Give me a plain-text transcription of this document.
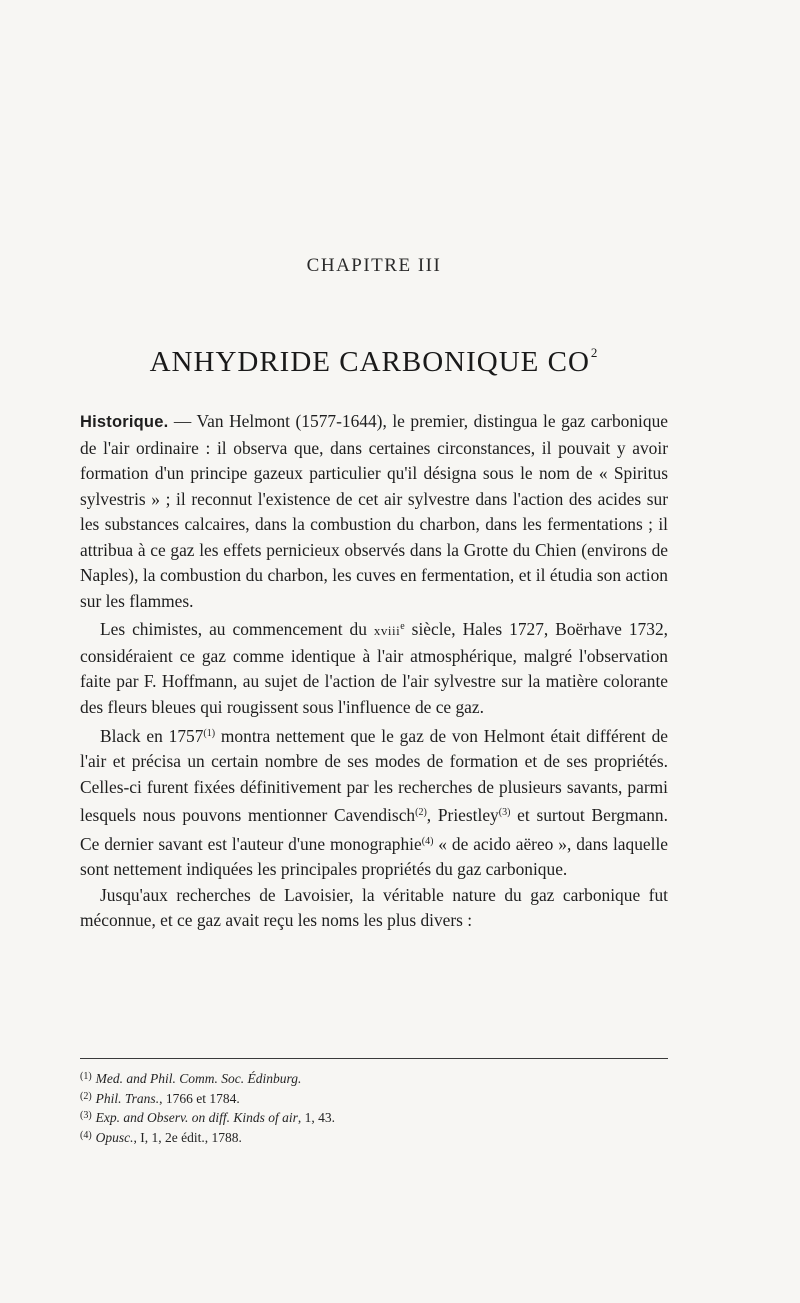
CHAPITRE III
ANHYDRIDE CARBONIQUE $CO^2$

Historique. — Van Helmont (1577-1644), le premier, distingua le gaz carbonique de l'air ordinaire : il observa que, dans certaines circonstances, il pouvait y avoir formation d'un principe gazeux particulier qu'il désigna sous le nom de « Spiritus sylvestris » ; il reconnut l'existence de cet air sylvestre dans l'action des acides sur les substances calcaires, dans la combustion du charbon, dans les fermentations ; il attribua à ce gaz les effets pernicieux observés dans la Grotte du Chien (environs de Naples), la combustion du charbon, les cuves en fermentation, et il étudia son action sur les flammes.

Les chimistes, au commencement du xviii$^e$ siècle, Hales 1727, Boërhave 1732, considéraient ce gaz comme identique à l'air atmosphérique, malgré l'observation faite par F. Hoffmann, au sujet de l'action de l'air sylvestre sur la matière colorante des fleurs bleues qui rougissent sous l'influence de ce gaz.

Black en 1757$^{(1)}$ montra nettement que le gaz de von Helmont était différent de l'air et précisa un certain nombre de ses modes de formation et de ses propriétés. Celles-ci furent fixées définitivement par les recherches de plusieurs savants, parmi lesquels nous pouvons mentionner Cavendisch$^{(2)}$, Priestley$^{(3)}$ et surtout Bergmann. Ce dernier savant est l'auteur d'une monographie$^{(4)}$ « de acido aëreo », dans laquelle sont nettement indiquées les principales propriétés du gaz carbonique.

Jusqu'aux recherches de Lavoisier, la véritable nature du gaz carbonique fut méconnue, et ce gaz avait reçu les noms les plus divers :

$^{(1)}$ Med. and Phil. Comm. Soc. Édinburg.
$^{(2)}$ Phil. Trans., 1766 et 1784.
$^{(3)}$ Exp. and Observ. on diff. Kinds of air, 1, 43.
$^{(4)}$ Opusc., I, 1, 2e édit., 1788.
